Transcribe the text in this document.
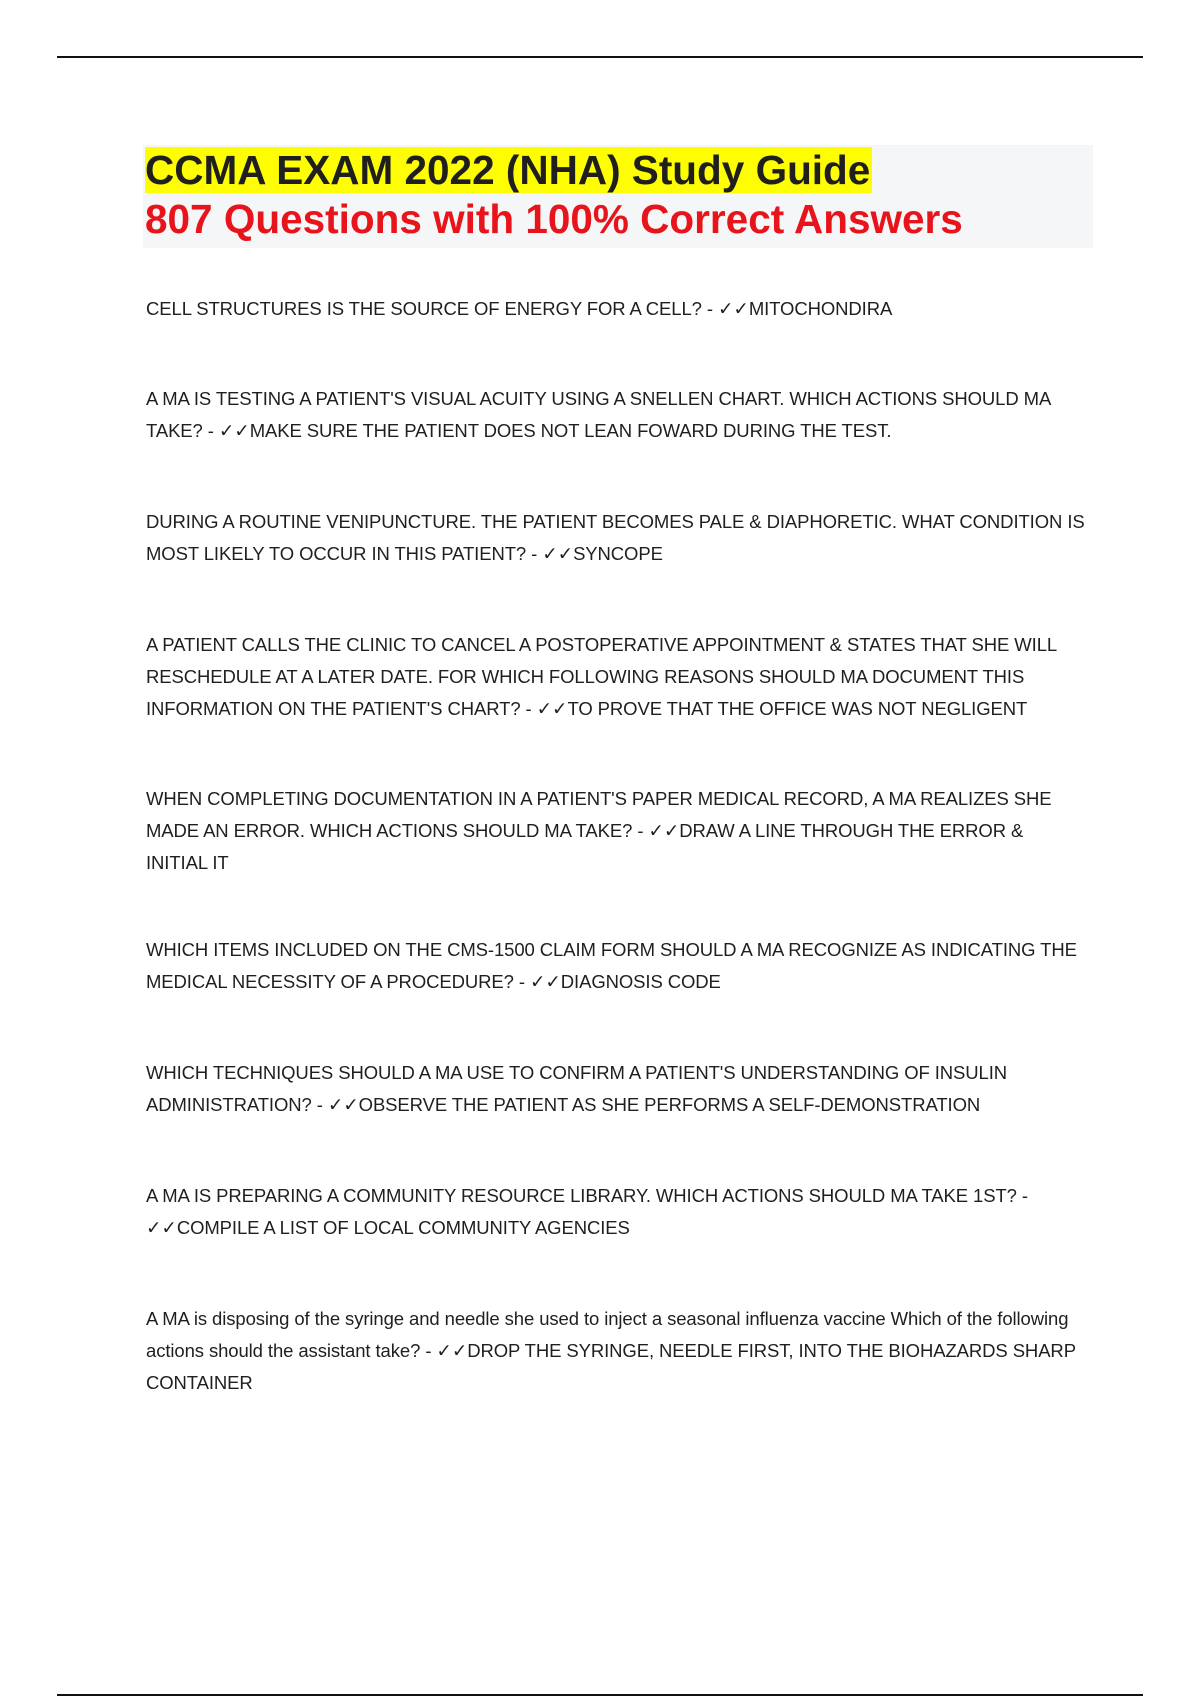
CCMA EXAM 2022 (NHA) Study Guide
807 Questions with 100% Correct Answers
CELL STRUCTURES IS THE SOURCE OF ENERGY FOR A CELL? - ✓✓MITOCHONDIRA
A MA IS TESTING A PATIENT'S VISUAL ACUITY USING A SNELLEN CHART. WHICH ACTIONS SHOULD MA TAKE? - ✓✓MAKE SURE THE PATIENT DOES NOT LEAN FOWARD DURING THE TEST.
DURING A ROUTINE VENIPUNCTURE. THE PATIENT BECOMES PALE & DIAPHORETIC. WHAT CONDITION IS MOST LIKELY TO OCCUR IN THIS PATIENT? - ✓✓SYNCOPE
A PATIENT CALLS THE CLINIC TO CANCEL A POSTOPERATIVE APPOINTMENT & STATES THAT SHE WILL RESCHEDULE AT A LATER DATE. FOR WHICH FOLLOWING REASONS SHOULD MA DOCUMENT THIS INFORMATION ON THE PATIENT'S CHART? - ✓✓TO PROVE THAT THE OFFICE WAS NOT NEGLIGENT
WHEN COMPLETING DOCUMENTATION IN A PATIENT'S PAPER MEDICAL RECORD, A MA REALIZES SHE MADE AN ERROR. WHICH ACTIONS SHOULD MA TAKE? - ✓✓DRAW A LINE THROUGH THE ERROR & INITIAL IT
WHICH ITEMS INCLUDED ON THE CMS-1500 CLAIM FORM SHOULD A MA RECOGNIZE AS INDICATING THE MEDICAL NECESSITY OF A PROCEDURE? - ✓✓DIAGNOSIS CODE
WHICH TECHNIQUES SHOULD A MA USE TO CONFIRM A PATIENT'S UNDERSTANDING OF INSULIN ADMINISTRATION? - ✓✓OBSERVE THE PATIENT AS SHE PERFORMS A SELF-DEMONSTRATION
A MA IS PREPARING A COMMUNITY RESOURCE LIBRARY. WHICH ACTIONS SHOULD MA TAKE 1ST? - ✓✓COMPILE A LIST OF LOCAL COMMUNITY AGENCIES
A MA is disposing of the syringe and needle she used to inject a seasonal influenza vaccine Which of the following actions should the assistant take? - ✓✓DROP THE SYRINGE, NEEDLE FIRST, INTO THE BIOHAZARDS SHARP CONTAINER
